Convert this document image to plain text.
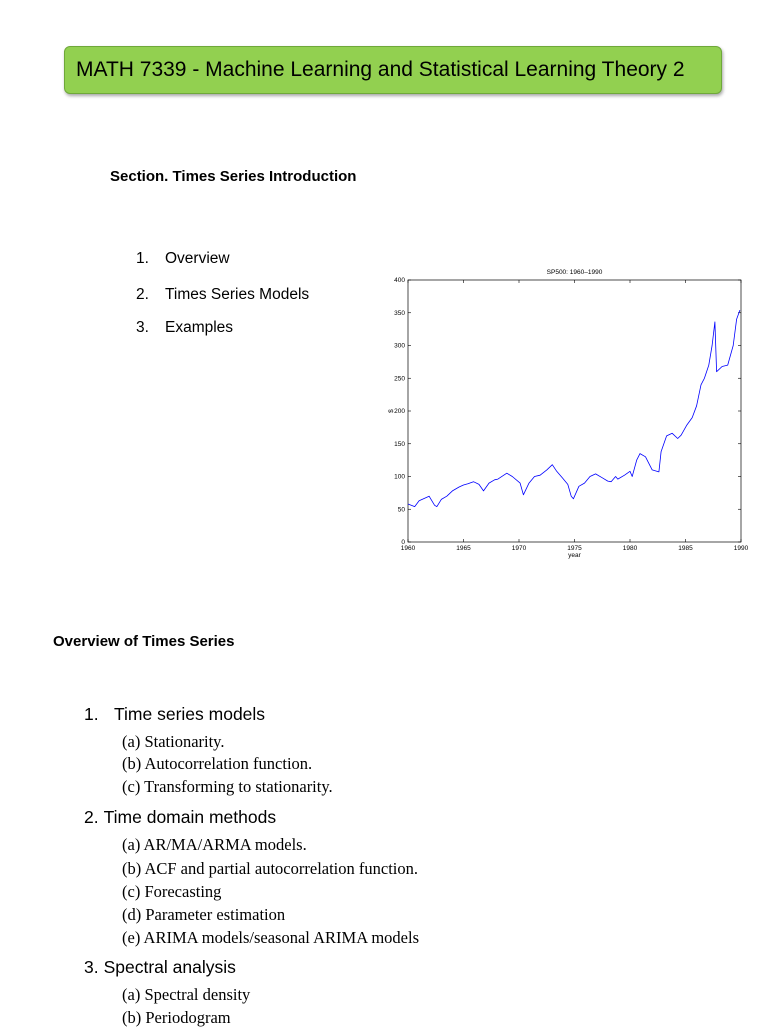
MATH 7339 - Machine Learning and Statistical Learning Theory 2
Section. Times Series Introduction
1. Overview
2. Times Series Models
3. Examples
0
50
100
150
200
250
300
350
400
1960	1965	1970	1975	1980	1985	1990
SP500: 1960–1990
year
$
Overview of Times Series
1. Time series models
(a) Stationarity.
(b) Autocorrelation function.
(c) Transforming to stationarity.
2. Time domain methods
(a) AR/MA/ARMA models.
(b) ACF and partial autocorrelation function.
(c) Forecasting
(d) Parameter estimation
(e) ARIMA models/seasonal ARIMA models
3. Spectral analysis
(a) Spectral density
(b) Periodogram
